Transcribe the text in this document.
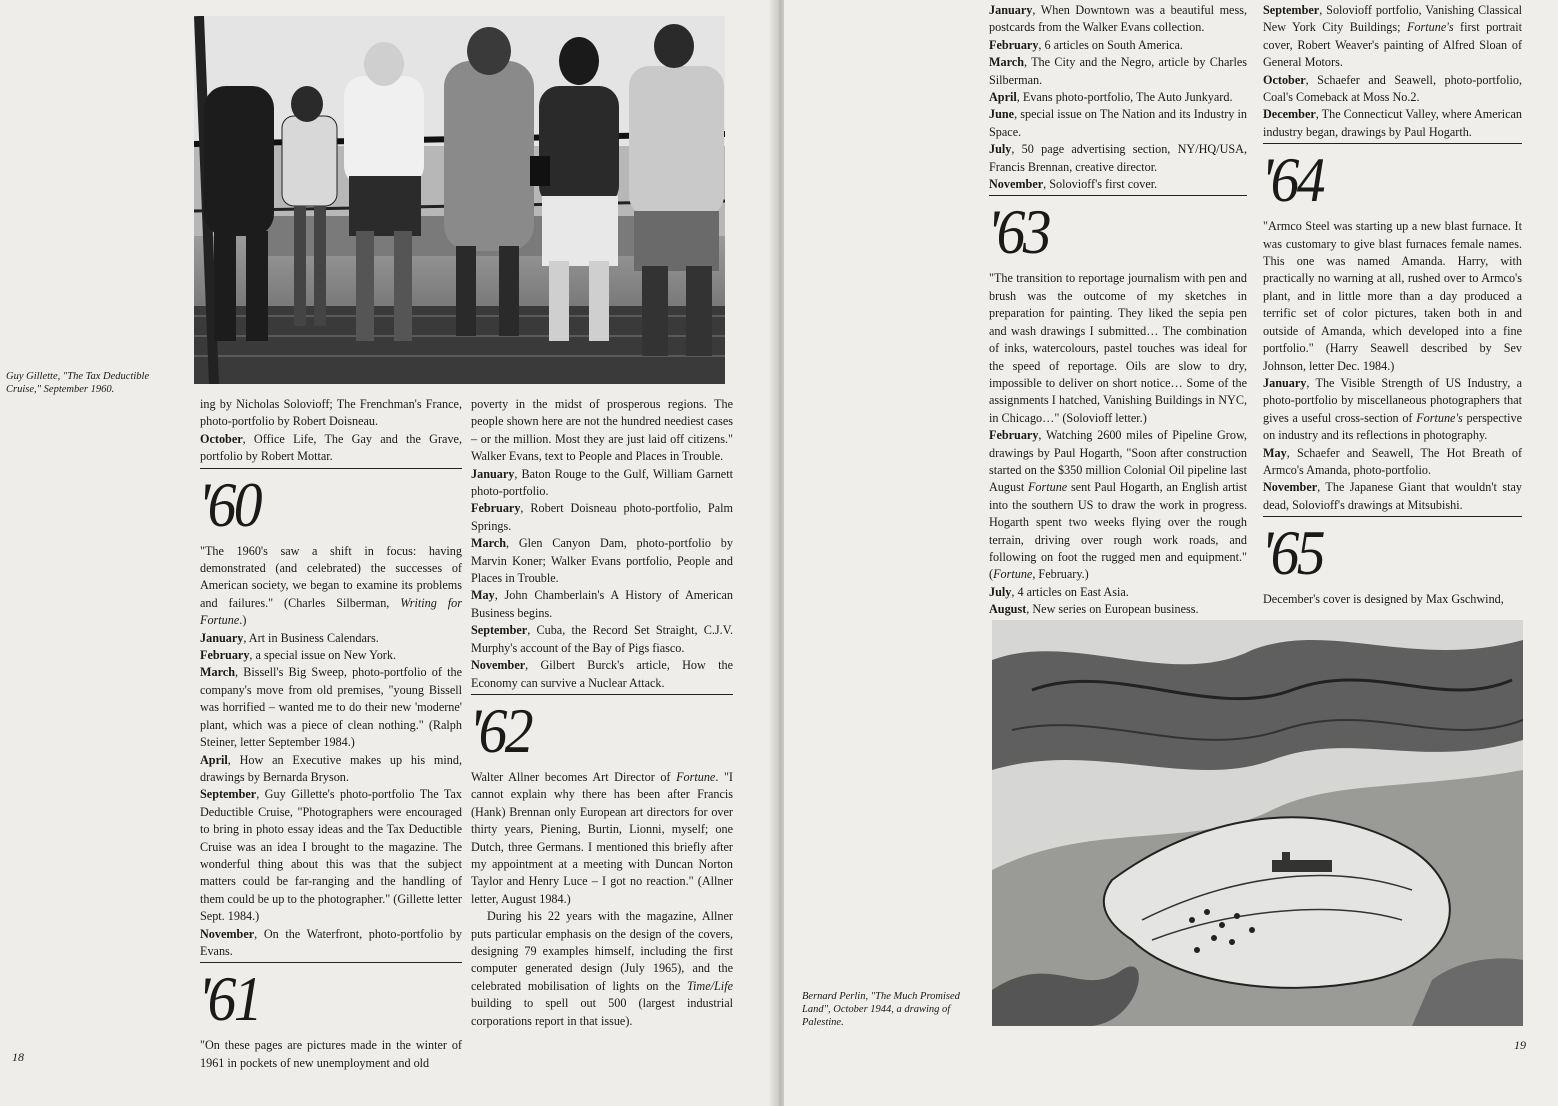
Guy Gillette, "The Tax Deductible Cruise," September 1960.

ing by Nicholas Solovioff; The Frenchman's France, photo-portfolio by Robert Doisneau.

October, Office Life, The Gay and the Grave, portfolio by Robert Mottar.

'60

"The 1960's saw a shift in focus: having demonstrated (and celebrated) the successes of American society, we began to examine its problems and failures." (Charles Silberman, Writing for Fortune.)

January, Art in Business Calendars.

February, a special issue on New York.

March, Bissell's Big Sweep, photo-portfolio of the company's move from old premises, "young Bissell was horrified – wanted me to do their new 'moderne' plant, which was a piece of clean nothing." (Ralph Steiner, letter September 1984.)

April, How an Executive makes up his mind, drawings by Bernarda Bryson.

September, Guy Gillette's photo-portfolio The Tax Deductible Cruise, "Photographers were encouraged to bring in photo essay ideas and the Tax Deductible Cruise was an idea I brought to the magazine. The wonderful thing about this was that the subject matters could be far-ranging and the handling of them could be up to the photographer." (Gillette letter Sept. 1984.)

November, On the Waterfront, photo-portfolio by Evans.

'61

"On these pages are pictures made in the winter of 1961 in pockets of new unemployment and old

poverty in the midst of prosperous regions. The people shown here are not the hundred neediest cases – or the million. Most they are just laid off citizens." Walker Evans, text to People and Places in Trouble.

January, Baton Rouge to the Gulf, William Garnett photo-portfolio.

February, Robert Doisneau photo-portfolio, Palm Springs.

March, Glen Canyon Dam, photo-portfolio by Marvin Koner; Walker Evans portfolio, People and Places in Trouble.

May, John Chamberlain's A History of American Business begins.

September, Cuba, the Record Set Straight, C.J.V. Murphy's account of the Bay of Pigs fiasco.

November, Gilbert Burck's article, How the Economy can survive a Nuclear Attack.

'62

Walter Allner becomes Art Director of Fortune. "I cannot explain why there has been after Francis (Hank) Brennan only European art directors for over thirty years, Piening, Burtin, Lionni, myself; one Dutch, three Germans. I mentioned this briefly after my appointment at a meeting with Duncan Norton Taylor and Henry Luce – I got no reaction." (Allner letter, August 1984.)

During his 22 years with the magazine, Allner puts particular emphasis on the design of the covers, designing 79 examples himself, including the first computer generated design (July 1965), and the celebrated mobilisation of lights on the Time/Life building to spell out 500 (largest industrial corporations report in that issue).

18

January, When Downtown was a beautiful mess, postcards from the Walker Evans collection.

February, 6 articles on South America.

March, The City and the Negro, article by Charles Silberman.

April, Evans photo-portfolio, The Auto Junkyard.

June, special issue on The Nation and its Industry in Space.

July, 50 page advertising section, NY/HQ/USA, Francis Brennan, creative director.

November, Solovioff's first cover.

'63

"The transition to reportage journalism with pen and brush was the outcome of my sketches in preparation for painting. They liked the sepia pen and wash drawings I submitted… The combination of inks, watercolours, pastel touches was ideal for the speed of reportage. Oils are slow to dry, impossible to deliver on short notice… Some of the assignments I hatched, Vanishing Buildings in NYC, in Chicago…" (Solovioff letter.)

February, Watching 2600 miles of Pipeline Grow, drawings by Paul Hogarth, "Soon after construction started on the $350 million Colonial Oil pipeline last August Fortune sent Paul Hogarth, an English artist into the southern US to draw the work in progress. Hogarth spent two weeks flying over the rough terrain, driving over rough work roads, and following on foot the rugged men and equipment." (Fortune, February.)

July, 4 articles on East Asia.

August, New series on European business.

September, Solovioff portfolio, Vanishing Classical New York City Buildings; Fortune's first portrait cover, Robert Weaver's painting of Alfred Sloan of General Motors.

October, Schaefer and Seawell, photo-portfolio, Coal's Comeback at Moss No.2.

December, The Connecticut Valley, where American industry began, drawings by Paul Hogarth.

'64

"Armco Steel was starting up a new blast furnace. It was customary to give blast furnaces female names. This one was named Amanda. Harry, with practically no warning at all, rushed over to Armco's plant, and in little more than a day produced a terrific set of color pictures, taken both in and outside of Amanda, which developed into a fine portfolio." (Harry Seawell described by Sev Johnson, letter Dec. 1984.)

January, The Visible Strength of US Industry, a photo-portfolio by miscellaneous photographers that gives a useful cross-section of Fortune's perspective on industry and its reflections in photography.

May, Schaefer and Seawell, The Hot Breath of Armco's Amanda, photo-portfolio.

November, The Japanese Giant that wouldn't stay dead, Solovioff's drawings at Mitsubishi.

'65

December's cover is designed by Max Gschwind,

Bernard Perlin, "The Much Promised Land", October 1944, a drawing of Palestine.
19
